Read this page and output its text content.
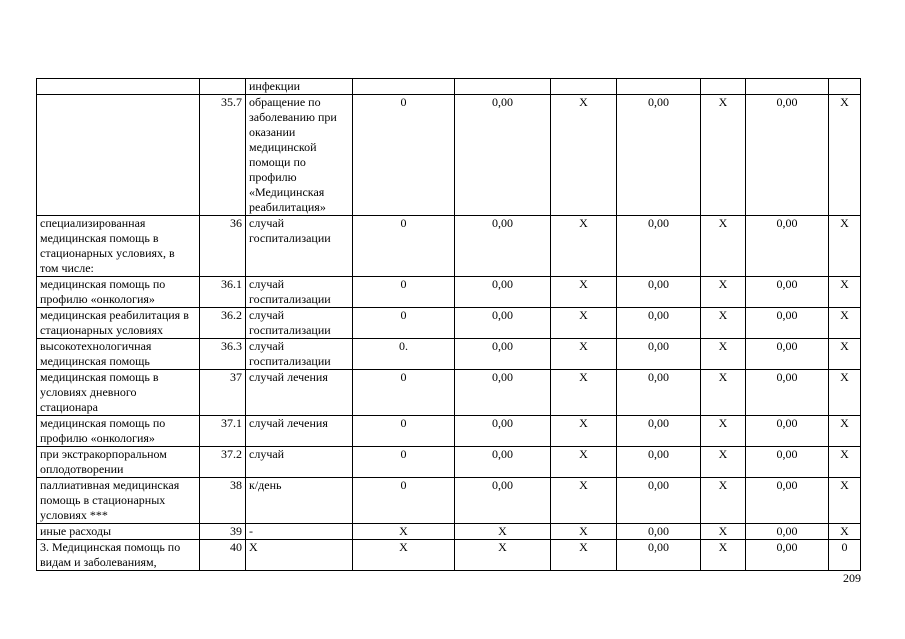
		инфекции							
	35.7	обращение по заболеванию при оказании медицинской помощи по профилю «Медицинская реабилитация»	0	0,00	Х	0,00	Х	0,00	Х
специализированная медицинская помощь в стационарных условиях, в том числе:	36	случай госпитализации	0	0,00	Х	0,00	Х	0,00	Х
медицинская помощь по профилю «онкология»	36.1	случай госпитализации	0	0,00	Х	0,00	Х	0,00	Х
медицинская реабилитация в стационарных условиях	36.2	случай госпитализации	0	0,00	Х	0,00	Х	0,00	Х
высокотехнологичная медицинская помощь	36.3	случай госпитализации	0.	0,00	Х	0,00	Х	0,00	Х
медицинская помощь в условиях дневного стационара	37	случай лечения	0	0,00	Х	0,00	Х	0,00	Х
медицинская помощь по профилю «онкология»	37.1	случай лечения	0	0,00	Х	0,00	Х	0,00	Х
при экстракорпоральном оплодотворении	37.2	случай	0	0,00	Х	0,00	Х	0,00	Х
паллиативная медицинская помощь в стационарных условиях ***	38	к/день	0	0,00	Х	0,00	Х	0,00	Х
иные расходы	39	-	Х	Х	Х	0,00	Х	0,00	Х
3. Медицинская помощь по видам и заболеваниям,	40	Х	Х	Х	Х	0,00	Х	0,00	0
209
